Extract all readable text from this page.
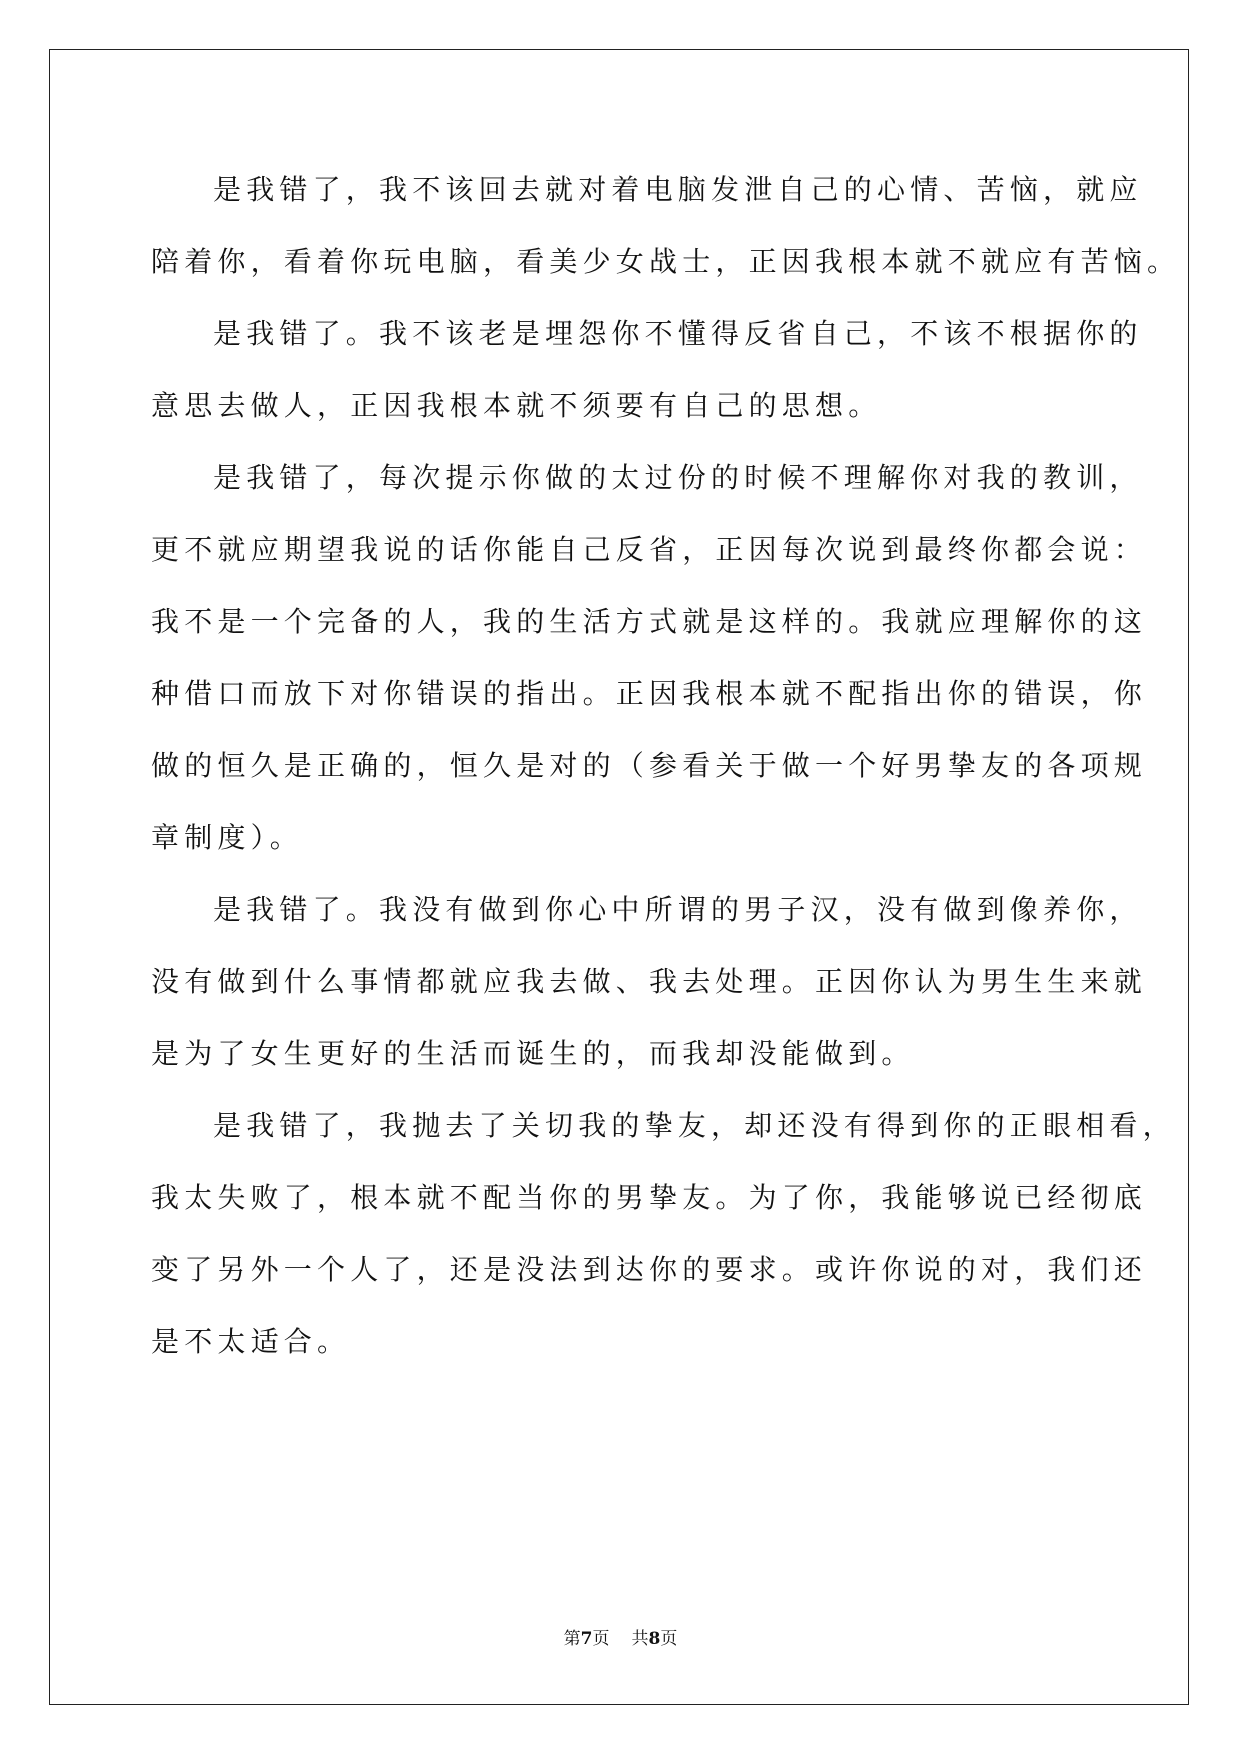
是我错了，我不该回去就对着电脑发泄自己的心情、苦恼，就应
陪着你，看着你玩电脑，看美少女战士，正因我根本就不就应有苦恼。
是我错了。我不该老是埋怨你不懂得反省自己，不该不根据你的
意思去做人，正因我根本就不须要有自己的思想。
是我错了，每次提示你做的太过份的时候不理解你对我的教训，
更不就应期望我说的话你能自己反省，正因每次说到最终你都会说：
我不是一个完备的人，我的生活方式就是这样的。我就应理解你的这
种借口而放下对你错误的指出。正因我根本就不配指出你的错误，你
做的恒久是正确的，恒久是对的（参看关于做一个好男挚友的各项规
章制度）。
是我错了。我没有做到你心中所谓的男子汉，没有做到像养你，
没有做到什么事情都就应我去做、我去处理。正因你认为男生生来就
是为了女生更好的生活而诞生的，而我却没能做到。
是我错了，我抛去了关切我的挚友，却还没有得到你的正眼相看，
我太失败了，根本就不配当你的男挚友。为了你，我能够说已经彻底
变了另外一个人了，还是没法到达你的要求。或许你说的对，我们还
是不太适合。
第7页 共8页
